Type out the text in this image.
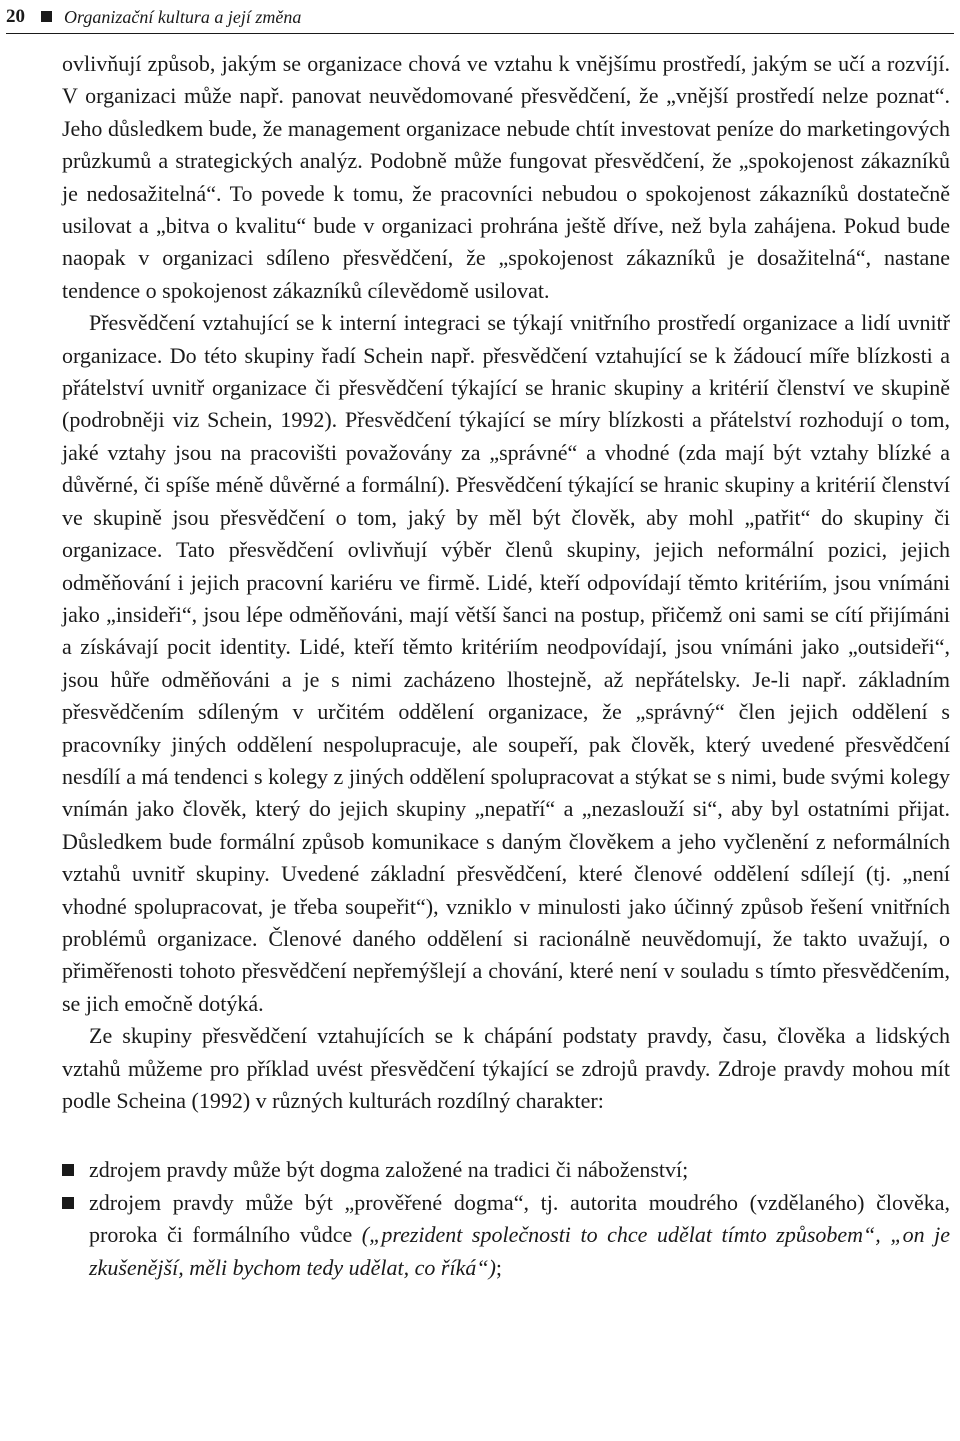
20 Organizační kultura a její změna

ovlivňují způsob, jakým se organizace chová ve vztahu k vnějšímu prostředí, jakým se učí a rozvíjí. V organizaci může např. panovat neuvědomované přesvědčení, že „vnější prostředí nelze poznat“. Jeho důsledkem bude, že management organizace nebude chtít investovat peníze do marketingových průzkumů a strategických analýz. Podobně může fungovat přesvědčení, že „spokojenost zákazníků je nedosažitelná“. To povede k tomu, že pracovníci nebudou o spokojenost zákazníků dostatečně usilovat a „bitva o kvalitu“ bude v organizaci prohrána ještě dříve, než byla zahájena. Pokud bude naopak v organizaci sdíleno přesvědčení, že „spokojenost zákazníků je dosažitelná“, nastane tendence o spokojenost zákazníků cílevědomě usilovat.

Přesvědčení vztahující se k interní integraci se týkají vnitřního prostředí organizace a lidí uvnitř organizace. Do této skupiny řadí Schein např. přesvědčení vztahující se k žádoucí míře blízkosti a přátelství uvnitř organizace či přesvědčení týkající se hranic skupiny a kritérií členství ve skupině (podrobněji viz Schein, 1992). Přesvědčení týkající se míry blízkosti a přátelství rozhodují o tom, jaké vztahy jsou na pracovišti považovány za „správné“ a vhodné (zda mají být vztahy blízké a důvěrné, či spíše méně důvěrné a formální). Přesvědčení týkající se hranic skupiny a kritérií členství ve skupině jsou přesvědčení o tom, jaký by měl být člověk, aby mohl „patřit“ do skupiny či organizace. Tato přesvědčení ovlivňují výběr členů skupiny, jejich neformální pozici, jejich odměňování i jejich pracovní kariéru ve firmě. Lidé, kteří odpovídají těmto kritériím, jsou vnímáni jako „insideři“, jsou lépe odměňováni, mají větší šanci na postup, přičemž oni sami se cítí přijímáni a získávají pocit identity. Lidé, kteří těmto kritériím neodpovídají, jsou vnímáni jako „outsideři“, jsou hůře odměňováni a je s nimi zacházeno lhostejně, až nepřátelsky. Je-li např. základním přesvědčením sdíleným v určitém oddělení organizace, že „správný“ člen jejich oddělení s pracovníky jiných oddělení nespolupracuje, ale soupeří, pak člověk, který uvedené přesvědčení nesdílí a má tendenci s kolegy z jiných oddělení spolupracovat a stýkat se s nimi, bude svými kolegy vnímán jako člověk, který do jejich skupiny „nepatří“ a „nezaslouží si“, aby byl ostatními přijat. Důsledkem bude formální způsob komunikace s daným člověkem a jeho vyčlenění z neformálních vztahů uvnitř skupiny. Uvedené základní přesvědčení, které členové oddělení sdílejí (tj. „není vhodné spolupracovat, je třeba soupeřit“), vzniklo v minulosti jako účinný způsob řešení vnitřních problémů organizace. Členové daného oddělení si racionálně neuvědomují, že takto uvažují, o přiměřenosti tohoto přesvědčení nepřemýšlejí a chování, které není v souladu s tímto přesvědčením, se jich emočně dotýká.

Ze skupiny přesvědčení vztahujících se k chápání podstaty pravdy, času, člověka a lidských vztahů můžeme pro příklad uvést přesvědčení týkající se zdrojů pravdy. Zdroje pravdy mohou mít podle Scheina (1992) v různých kulturách rozdílný charakter:

zdrojem pravdy může být dogma založené na tradici či náboženství;
zdrojem pravdy může být „prověřené dogma“, tj. autorita moudrého (vzdělaného) člověka, proroka či formálního vůdce („prezident společnosti to chce udělat tímto způsobem“, „on je zkušenější, měli bychom tedy udělat, co říká“);
